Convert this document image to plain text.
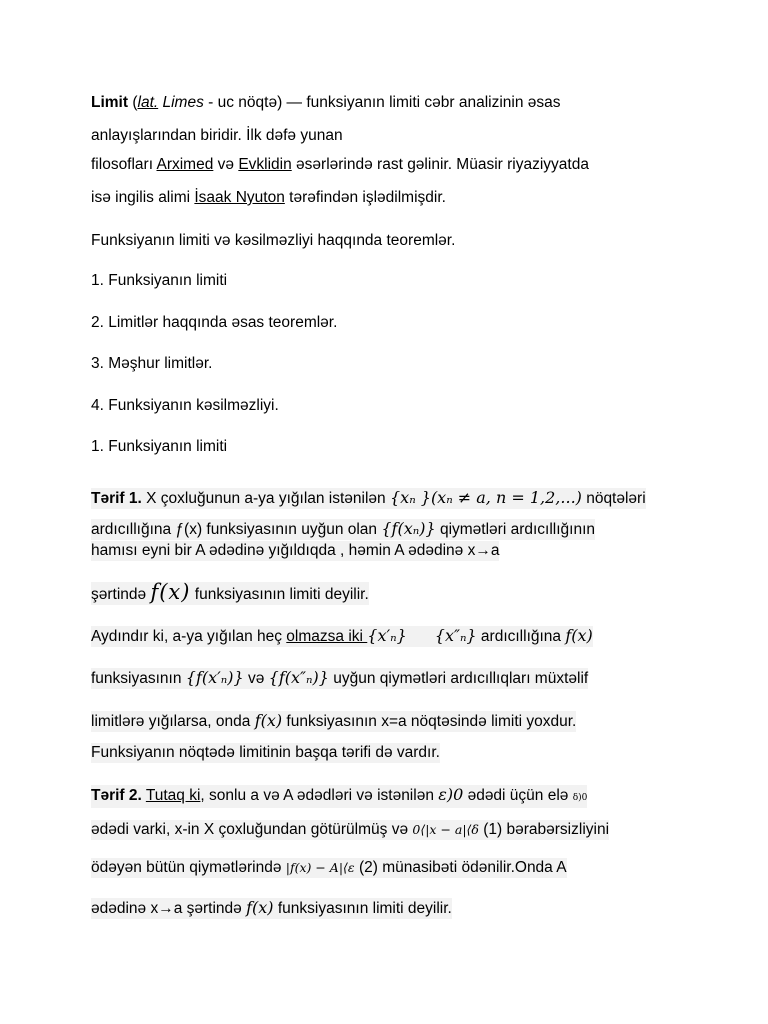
Limit (lat. Limes - uc nöqtə) — funksiyanın limiti cəbr analizinin əsas
anlayışlarından biridir. İlk dəfə yunan
filosofları Arximed və Evklidin əsərlərində rast gəlinir. Müasir riyaziyyatda
isə ingilis alimi İsaak Nyuton tərəfindən işlədilmişdir.
Funksiyanın limiti və kəsilməzliyi haqqında teoremlər.
1. Funksiyanın limiti
2. Limitlər haqqında əsas teoremlər.
3. Məşhur limitlər.
4. Funksiyanın kəsilməzliyi.
1. Funksiyanın limiti
Tərif 1. X çoxluğunun a-ya yığılan istənilən {xₙ }(xₙ ≠ a, n = 1,2,...) nöqtələri
ardıcıllığına ƒ(x) funksiyasının uyğun olan {f(xₙ)} qiymətləri ardıcıllığının
hamısı eyni bir A ədədinə yığıldıqda , həmin A ədədinə x→a
şərtində f(x) funksiyasının limiti deyilir.
Aydındır ki, a-ya yığılan heç olmazsa iki {x′ₙ} {x″ₙ} ardıcıllığına f(x)
funksiyasının {f(x′ₙ)} və {f(x″ₙ)} uyğun qiymətləri ardıcıllıqları müxtəlif
limitlərə yığılarsa, onda f(x) funksiyasının x=a nöqtəsində limiti yoxdur.
Funksiyanın nöqtədə limitinin başqa tərifi də vardır.
Tərif 2. Tutaq ki, sonlu a və A ədədləri və istənilən ε)0 ədədi üçün elə δ)0
ədədi varki, x-in X çoxluğundan götürülmüş və 0⟨|x − a|⟨δ (1) bərabərsizliyini
ödəyən bütün qiymətlərində |f(x) − A|⟨ε (2) münasibəti ödənilir.Onda A
ədədinə x→a şərtində f(x) funksiyasının limiti deyilir.
